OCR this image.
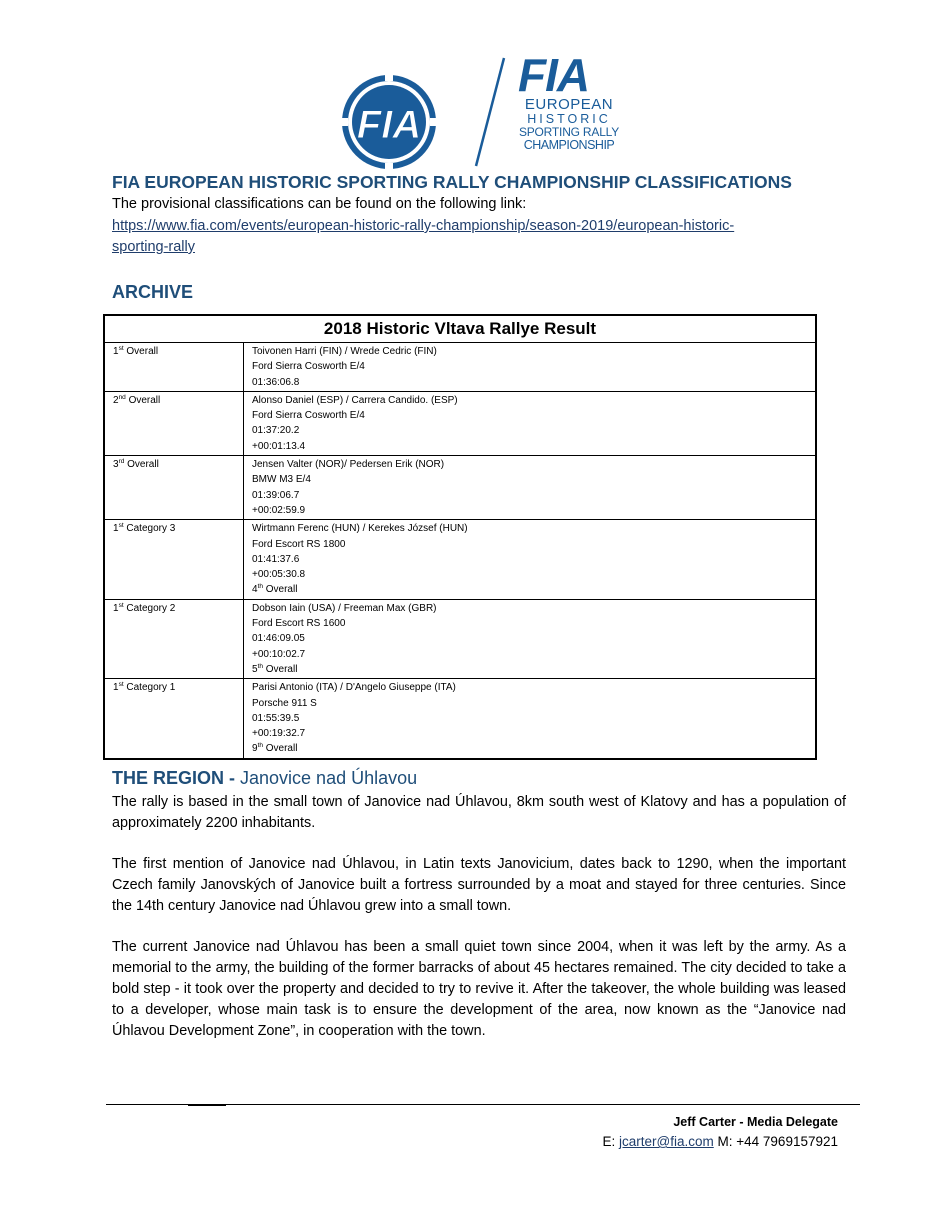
FIA
FIA
EUROPEAN
HISTORIC
SPORTING RALLY
CHAMPIONSHIP
FIA EUROPEAN HISTORIC SPORTING RALLY CHAMPIONSHIP CLASSIFICATIONS
The provisional classifications can be found on the following link:
https://www.fia.com/events/european-historic-rally-championship/season-2019/european-historic-
sporting-rally
ARCHIVE
2018 Historic Vltava Rallye Result	
1st Overall	Toivonen Harri (FIN) / Wrede Cedric (FIN)
Ford Sierra Cosworth E/4
01:36:06.8

2nd Overall	Alonso Daniel (ESP) / Carrera Candido. (ESP)
Ford Sierra Cosworth E/4
01:37:20.2
+00:01:13.4

3rd Overall	Jensen Valter (NOR)/ Pedersen Erik (NOR)
BMW M3 E/4
01:39:06.7
+00:02:59.9

1st Category 3	Wirtmann Ferenc (HUN) / Kerekes József (HUN)
Ford Escort RS 1800
01:41:37.6
+00:05:30.8
4th Overall

1st Category 2	Dobson Iain (USA) / Freeman Max (GBR)
Ford Escort RS 1600
01:46:09.05
+00:10:02.7
5th Overall

1st Category 1	Parisi Antonio (ITA) / D'Angelo Giuseppe (ITA)
Porsche 911 S
01:55:39.5
+00:19:32.7
9th Overall
THE REGION - Janovice nad Úhlavou
The rally is based in the small town of Janovice nad Úhlavou, 8km south west of Klatovy and has a population of approximately 2200 inhabitants.
The first mention of Janovice nad Úhlavou, in Latin texts Janovicium, dates back to 1290, when the important Czech family Janovských of Janovice built a fortress surrounded by a moat and stayed for three centuries. Since the 14th century Janovice nad Úhlavou grew into a small town.
The current Janovice nad Úhlavou has been a small quiet town since 2004, when it was left by the army. As a memorial to the army, the building of the former barracks of about 45 hectares remained. The city decided to take a bold step - it took over the property and decided to try to revive it. After the takeover, the whole building was leased to a developer, whose main task is to ensure the development of the area, now known as the “Janovice nad Úhlavou Development Zone”, in cooperation with the town.
Jeff Carter - Media Delegate
E: jcarter@fia.com M: +44 7969157921
